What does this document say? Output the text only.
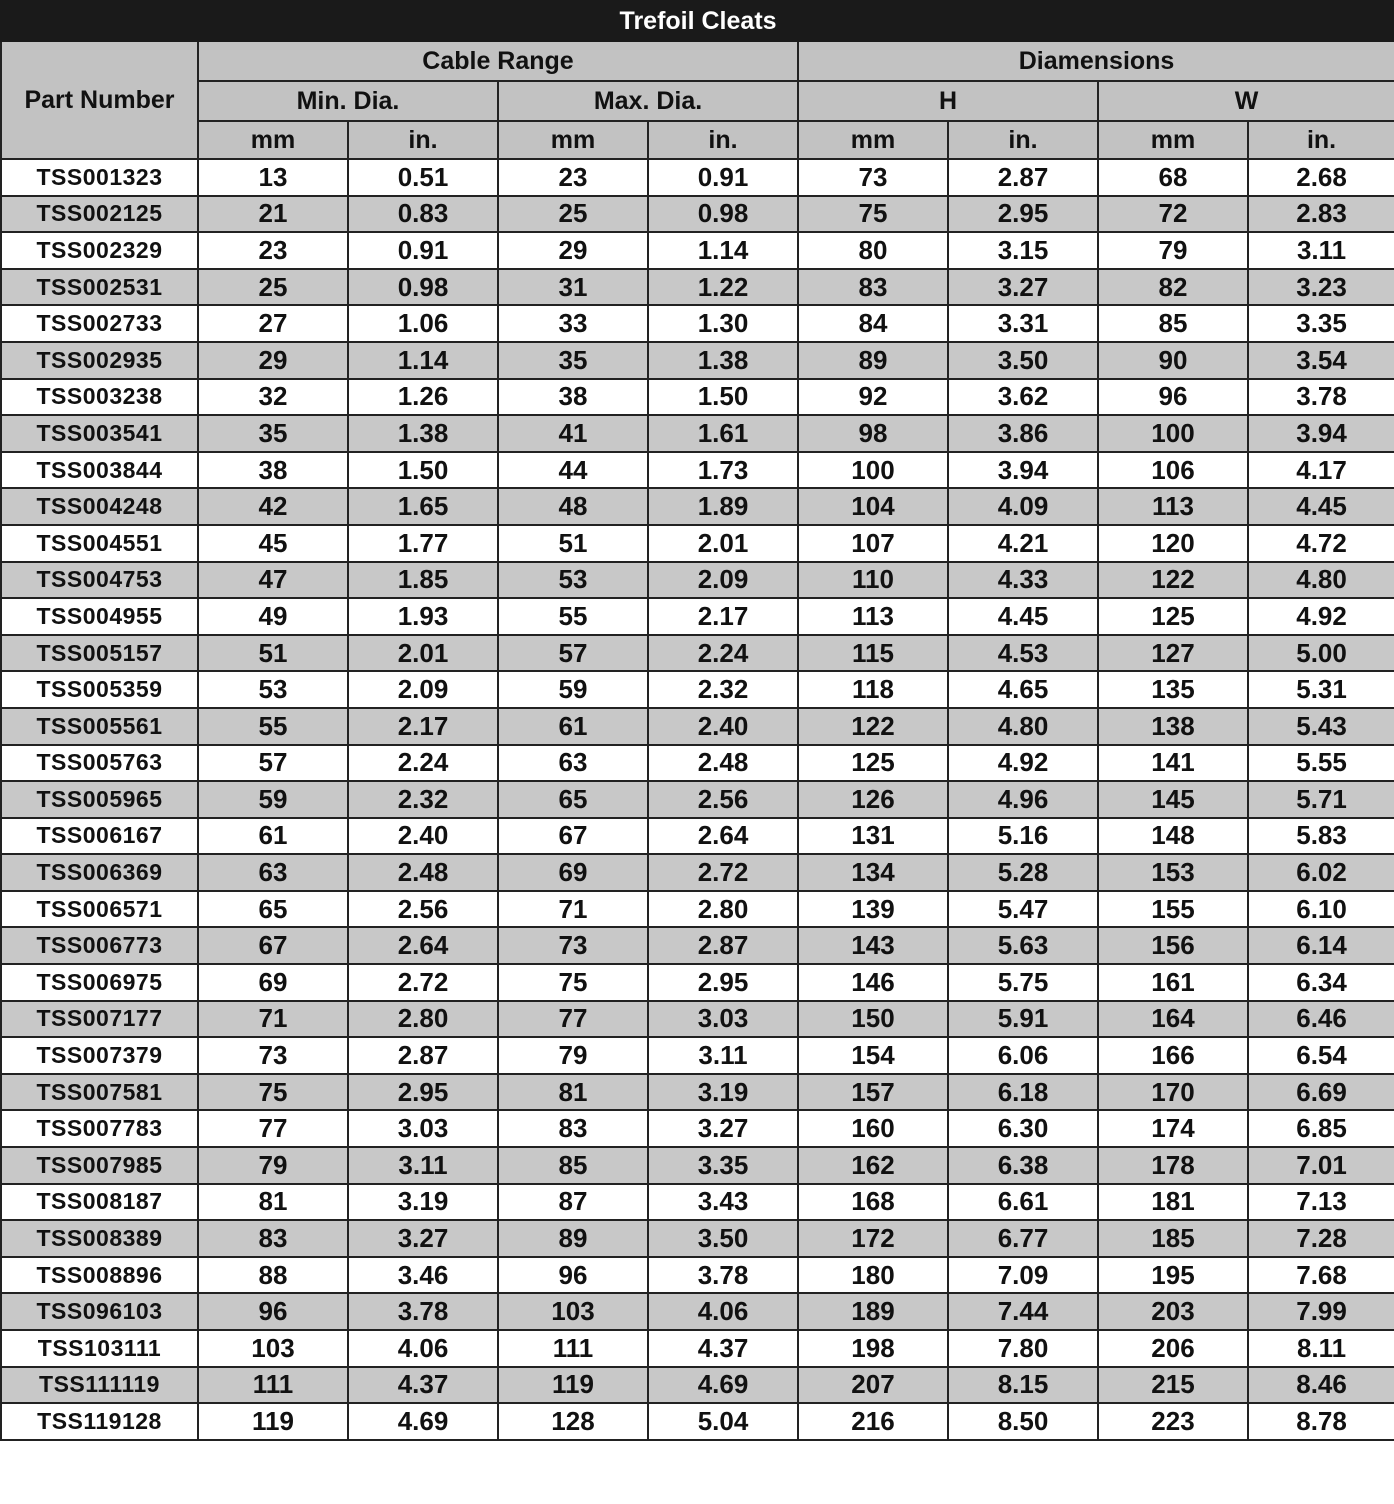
Trefoil Cleats								
Part Number	Cable Range				Diamensions			
	Min. Dia.		Max. Dia.		H		W	
	mm	in.	mm	in.	mm	in.	mm	in.
TSS001323	13	0.51	23	0.91	73	2.87	68	2.68
TSS002125	21	0.83	25	0.98	75	2.95	72	2.83
TSS002329	23	0.91	29	1.14	80	3.15	79	3.11
TSS002531	25	0.98	31	1.22	83	3.27	82	3.23
TSS002733	27	1.06	33	1.30	84	3.31	85	3.35
TSS002935	29	1.14	35	1.38	89	3.50	90	3.54
TSS003238	32	1.26	38	1.50	92	3.62	96	3.78
TSS003541	35	1.38	41	1.61	98	3.86	100	3.94
TSS003844	38	1.50	44	1.73	100	3.94	106	4.17
TSS004248	42	1.65	48	1.89	104	4.09	113	4.45
TSS004551	45	1.77	51	2.01	107	4.21	120	4.72
TSS004753	47	1.85	53	2.09	110	4.33	122	4.80
TSS004955	49	1.93	55	2.17	113	4.45	125	4.92
TSS005157	51	2.01	57	2.24	115	4.53	127	5.00
TSS005359	53	2.09	59	2.32	118	4.65	135	5.31
TSS005561	55	2.17	61	2.40	122	4.80	138	5.43
TSS005763	57	2.24	63	2.48	125	4.92	141	5.55
TSS005965	59	2.32	65	2.56	126	4.96	145	5.71
TSS006167	61	2.40	67	2.64	131	5.16	148	5.83
TSS006369	63	2.48	69	2.72	134	5.28	153	6.02
TSS006571	65	2.56	71	2.80	139	5.47	155	6.10
TSS006773	67	2.64	73	2.87	143	5.63	156	6.14
TSS006975	69	2.72	75	2.95	146	5.75	161	6.34
TSS007177	71	2.80	77	3.03	150	5.91	164	6.46
TSS007379	73	2.87	79	3.11	154	6.06	166	6.54
TSS007581	75	2.95	81	3.19	157	6.18	170	6.69
TSS007783	77	3.03	83	3.27	160	6.30	174	6.85
TSS007985	79	3.11	85	3.35	162	6.38	178	7.01
TSS008187	81	3.19	87	3.43	168	6.61	181	7.13
TSS008389	83	3.27	89	3.50	172	6.77	185	7.28
TSS008896	88	3.46	96	3.78	180	7.09	195	7.68
TSS096103	96	3.78	103	4.06	189	7.44	203	7.99
TSS103111	103	4.06	111	4.37	198	7.80	206	8.11
TSS111119	111	4.37	119	4.69	207	8.15	215	8.46
TSS119128	119	4.69	128	5.04	216	8.50	223	8.78
